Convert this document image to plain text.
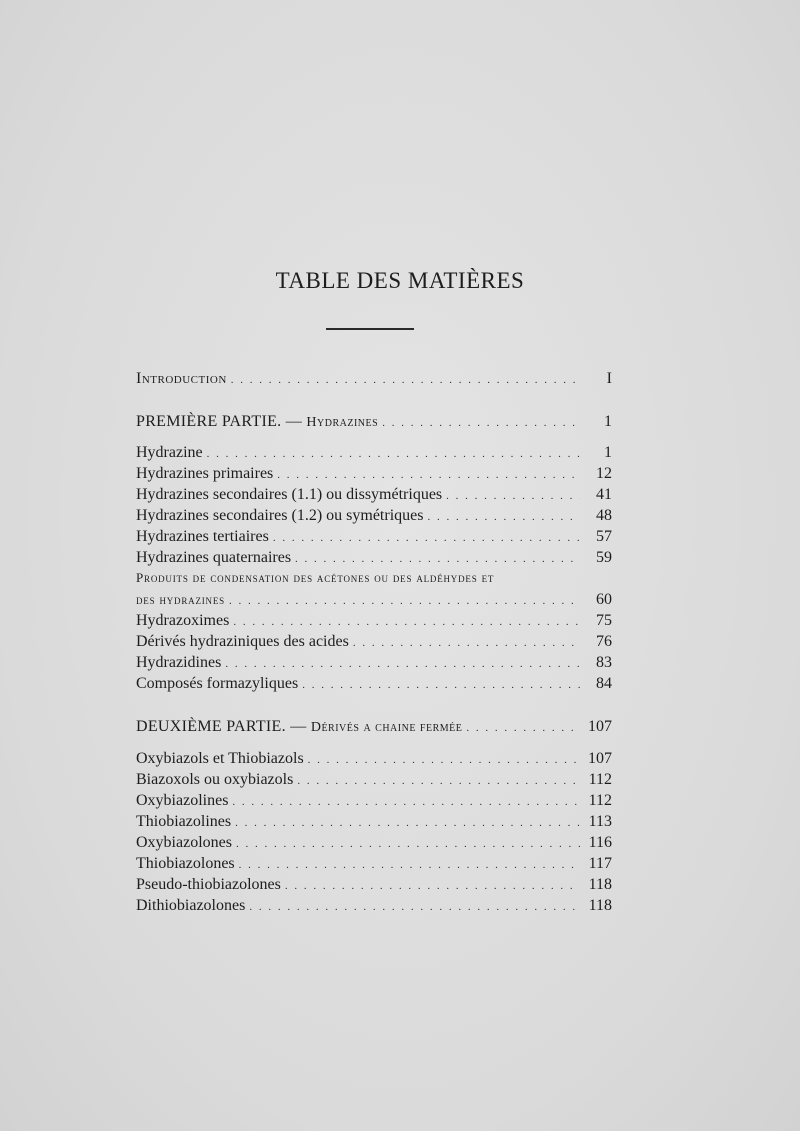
TABLE DES MATIÈRES
Introduction . . .	I
PREMIÈRE PARTIE. — Hydrazines . . .	1
Hydrazine . . .	1
Hydrazines primaires . . .	12
Hydrazines secondaires (1.1) ou dissymétriques . . .	41
Hydrazines secondaires (1.2) ou symétriques . . .	48
Hydrazines tertiaires . . .	57
Hydrazines quaternaires . . .	59
Produits de condensation des acétones ou des aldéhydes et
des hydrazines . . .	60
Hydrazoximes . . .	75
Dérivés hydraziniques des acides . . .	76
Hydrazidines . . .	83
Composés formazyliques . . .	84
DEUXIÈME PARTIE. — Dérivés a chaine fermée . . .	107
Oxybiazols et Thiobiazols . . .	107
Biazoxols ou oxybiazols . . .	112
Oxybiazolines . . .	112
Thiobiazolines . . .	113
Oxybiazolones . . .	116
Thiobiazolones . . .	117
Pseudo-thiobiazolones . . .	118
Dithiobiazolones . . .	118
